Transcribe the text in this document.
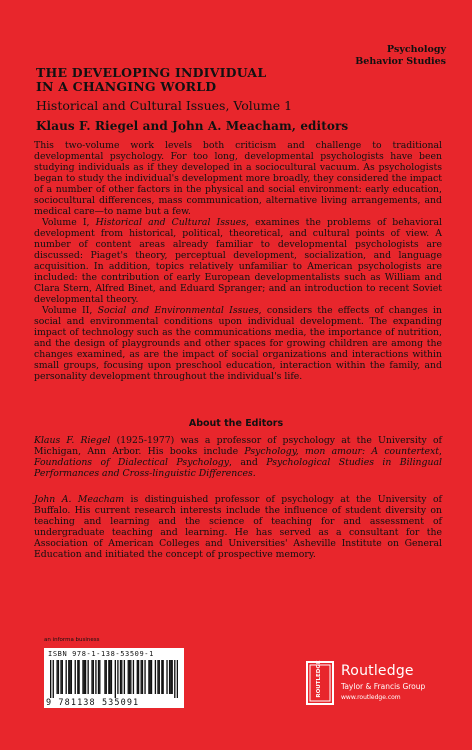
Psychology
Behavior Studies
THE DEVELOPING INDIVIDUAL
IN A CHANGING WORLD
Historical and Cultural Issues, Volume 1
Klaus F. Riegel and John A. Meacham, editors

This two-volume work levels both criticism and challenge to traditional developmental psychology. For too long, developmental psychologists have been studying individuals as if they developed in a sociocultural vacuum. As psychologists began to study the individual's development more broadly, they considered the impact of a number of other factors in the physical and social environment: early education, sociocultural differences, mass communication, alternative living arrangements, and medical care—to name but a few.

Volume I, Historical and Cultural Issues, examines the problems of behavioral development from historical, political, theoretical, and cultural points of view. A number of content areas already familiar to developmental psychologists are discussed: Piaget's theory, perceptual development, socialization, and language acquisition. In addition, topics relatively unfamiliar to American psychologists are included: the contribution of early European developmentalists such as William and Clara Stern, Alfred Binet, and Eduard Spranger; and an introduction to recent Soviet developmental theory.

Volume II, Social and Environmental Issues, considers the effects of changes in social and environmental conditions upon individual development. The expanding impact of technology such as the communications media, the importance of nutrition, and the design of playgrounds and other spaces for growing children are among the changes examined, as are the impact of social organizations and interactions within small groups, focusing upon preschool education, interaction within the family, and personality development throughout the individual's life.

About the Editors
Klaus F. Riegel (1925-1977) was a professor of psychology at the University of Michigan, Ann Arbor. His books include Psychology, mon amour: A countertext, Foundations of Dialectical Psychology, and Psychological Studies in Bilingual Performances and Cross-linguistic Differences.
John A. Meacham is distinguished professor of psychology at the University of Buffalo. His current research interests include the influence of student diversity on teaching and learning and the science of teaching for and assessment of undergraduate teaching and learning. He has served as a consultant for the Association of American Colleges and Universities' Asheville Institute on General Education and initiated the concept of prospective memory.
an informa business
ISBN 978-1-138-53509-1
9 781138 535091
ROUTLEDGE Routledge
Taylor & Francis Group
www.routledge.com
